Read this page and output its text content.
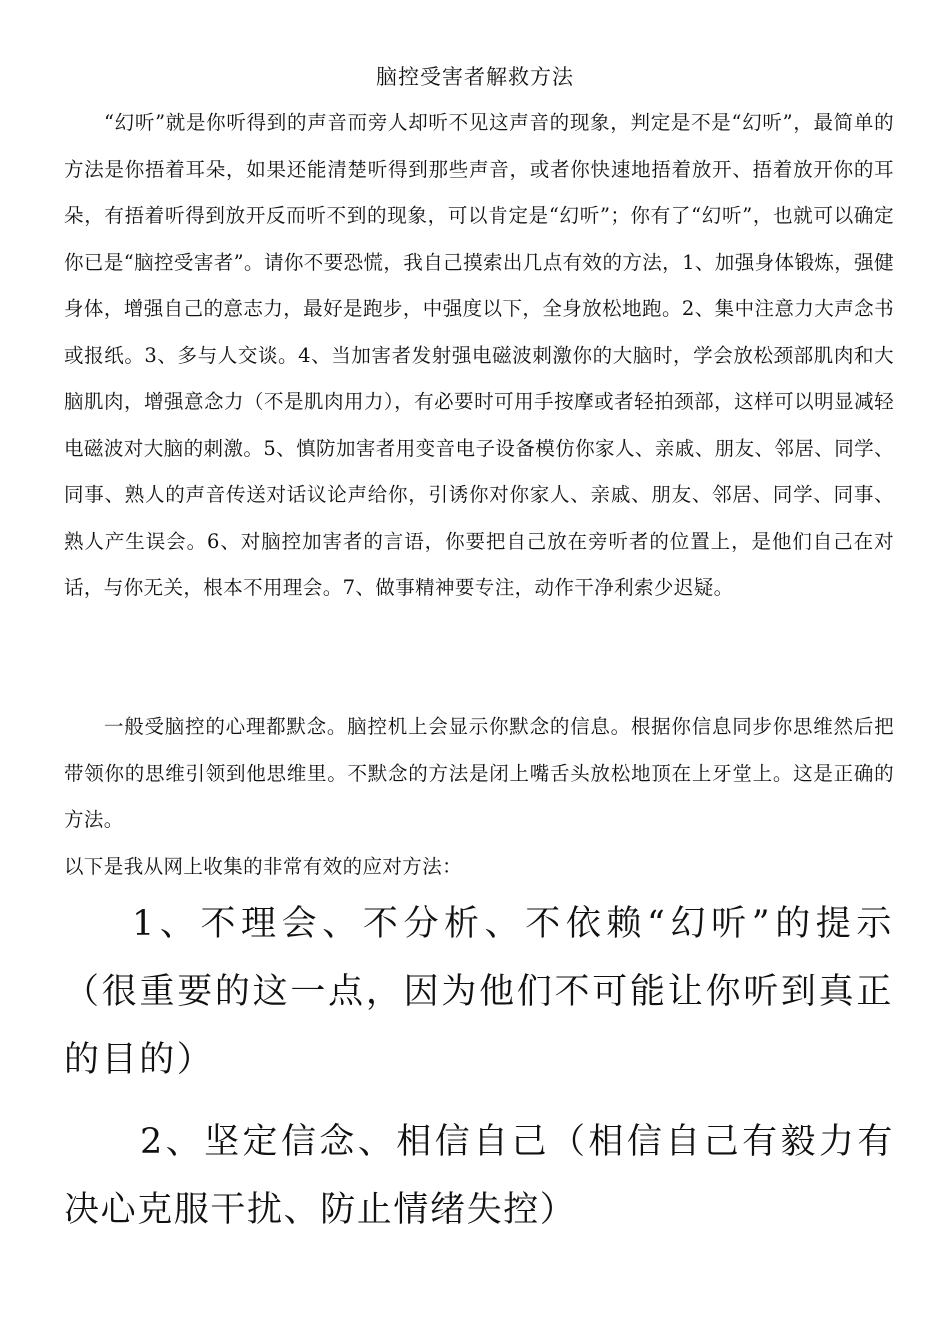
脑控受害者解救方法

“幻听”就是你听得到的声音而旁人却听不见这声音的现象，判定是不是“幻听”，最简单的方法是你捂着耳朵，如果还能清楚听得到那些声音，或者你快速地捂着放开、捂着放开你的耳朵，有捂着听得到放开反而听不到的现象，可以肯定是“幻听”；你有了“幻听”，也就可以确定你已是“脑控受害者”。请你不要恐慌，我自己摸索出几点有效的方法，1、加强身体锻炼，强健身体，增强自己的意志力，最好是跑步，中强度以下，全身放松地跑。2、集中注意力大声念书或报纸。3、多与人交谈。4、当加害者发射强电磁波刺激你的大脑时，学会放松颈部肌肉和大脑肌肉，增强意念力（不是肌肉用力），有必要时可用手按摩或者轻拍颈部，这样可以明显减轻电磁波对大脑的刺激。5、慎防加害者用变音电子设备模仿你家人、亲戚、朋友、邻居、同学、同事、熟人的声音传送对话议论声给你，引诱你对你家人、亲戚、朋友、邻居、同学、同事、熟人产生误会。6、对脑控加害者的言语，你要把自己放在旁听者的位置上，是他们自己在对话，与你无关，根本不用理会。7、做事精神要专注，动作干净利索少迟疑。

一般受脑控的心理都默念。脑控机上会显示你默念的信息。根据你信息同步你思维然后把带领你的思维引领到他思维里。不默念的方法是闭上嘴舌头放松地顶在上牙堂上。这是正确的方法。

以下是我从网上收集的非常有效的应对方法：

1、不理会、不分析、不依赖“幻听”的提示（很重要的这一点，因为他们不可能让你听到真正的目的）

2、坚定信念、相信自己（相信自己有毅力有决心克服干扰、防止情绪失控）
